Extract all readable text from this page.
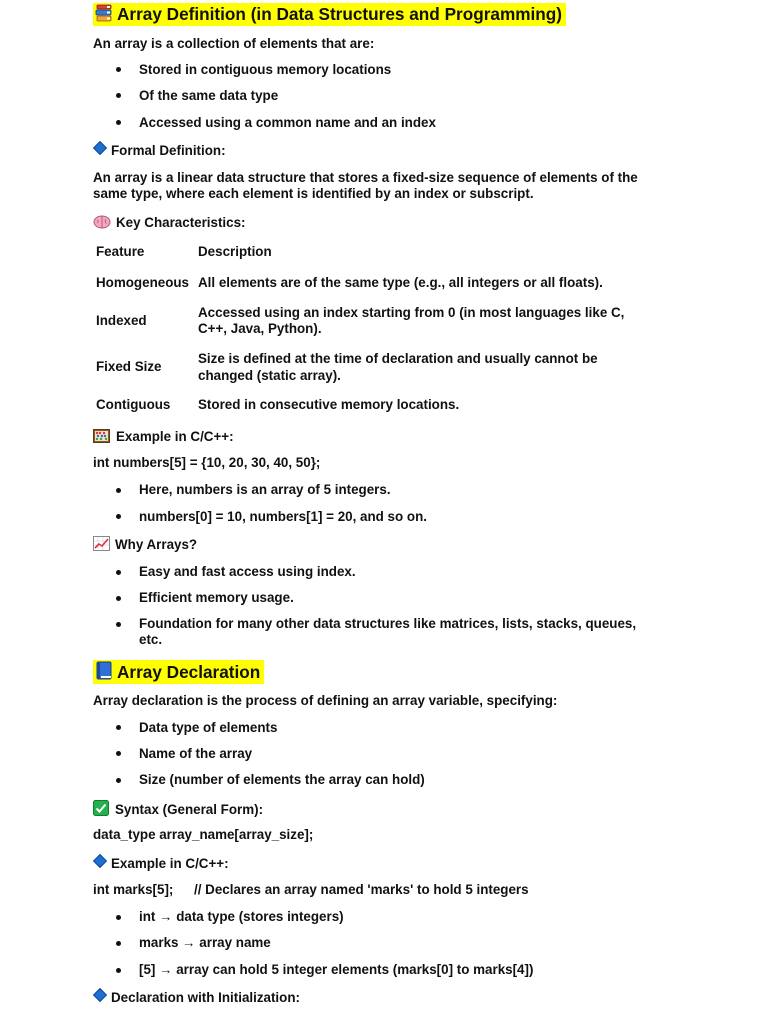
Array Definition (in Data Structures and Programming)
An array is a collection of elements that are:
Stored in contiguous memory locations
Of the same data type
Accessed using a common name and an index
Formal Definition:
An array is a linear data structure that stores a fixed-size sequence of elements of the
same type, where each element is identified by an index or subscript.
Key Characteristics:
Feature	Description
Homogeneous All elements are of the same type (e.g., all integers or all floats).
Indexed
Accessed using an index starting from 0 (in most languages like C,
C++, Java, Python).
Fixed Size
Size is defined at the time of declaration and usually cannot be
changed (static array).
Contiguous Stored in consecutive memory locations.
Example in C/C++:
int numbers[5] = {10, 20, 30, 40, 50};
Here, numbers is an array of 5 integers.
numbers[0] = 10, numbers[1] = 20, and so on.
Why Arrays?
Easy and fast access using index.
Efficient memory usage.
Foundation for many other data structures like matrices, lists, stacks, queues,
etc.
Array Declaration
Array declaration is the process of defining an array variable, specifying:
Data type of elements
Name of the array
Size (number of elements the array can hold)
Syntax (General Form):
data_type array_name[array_size];
Example in C/C++:
int marks[5]; // Declares an array named 'marks' to hold 5 integers
int → data type (stores integers)
marks → array name
[5] → array can hold 5 integer elements (marks[0] to marks[4])
Declaration with Initialization:
